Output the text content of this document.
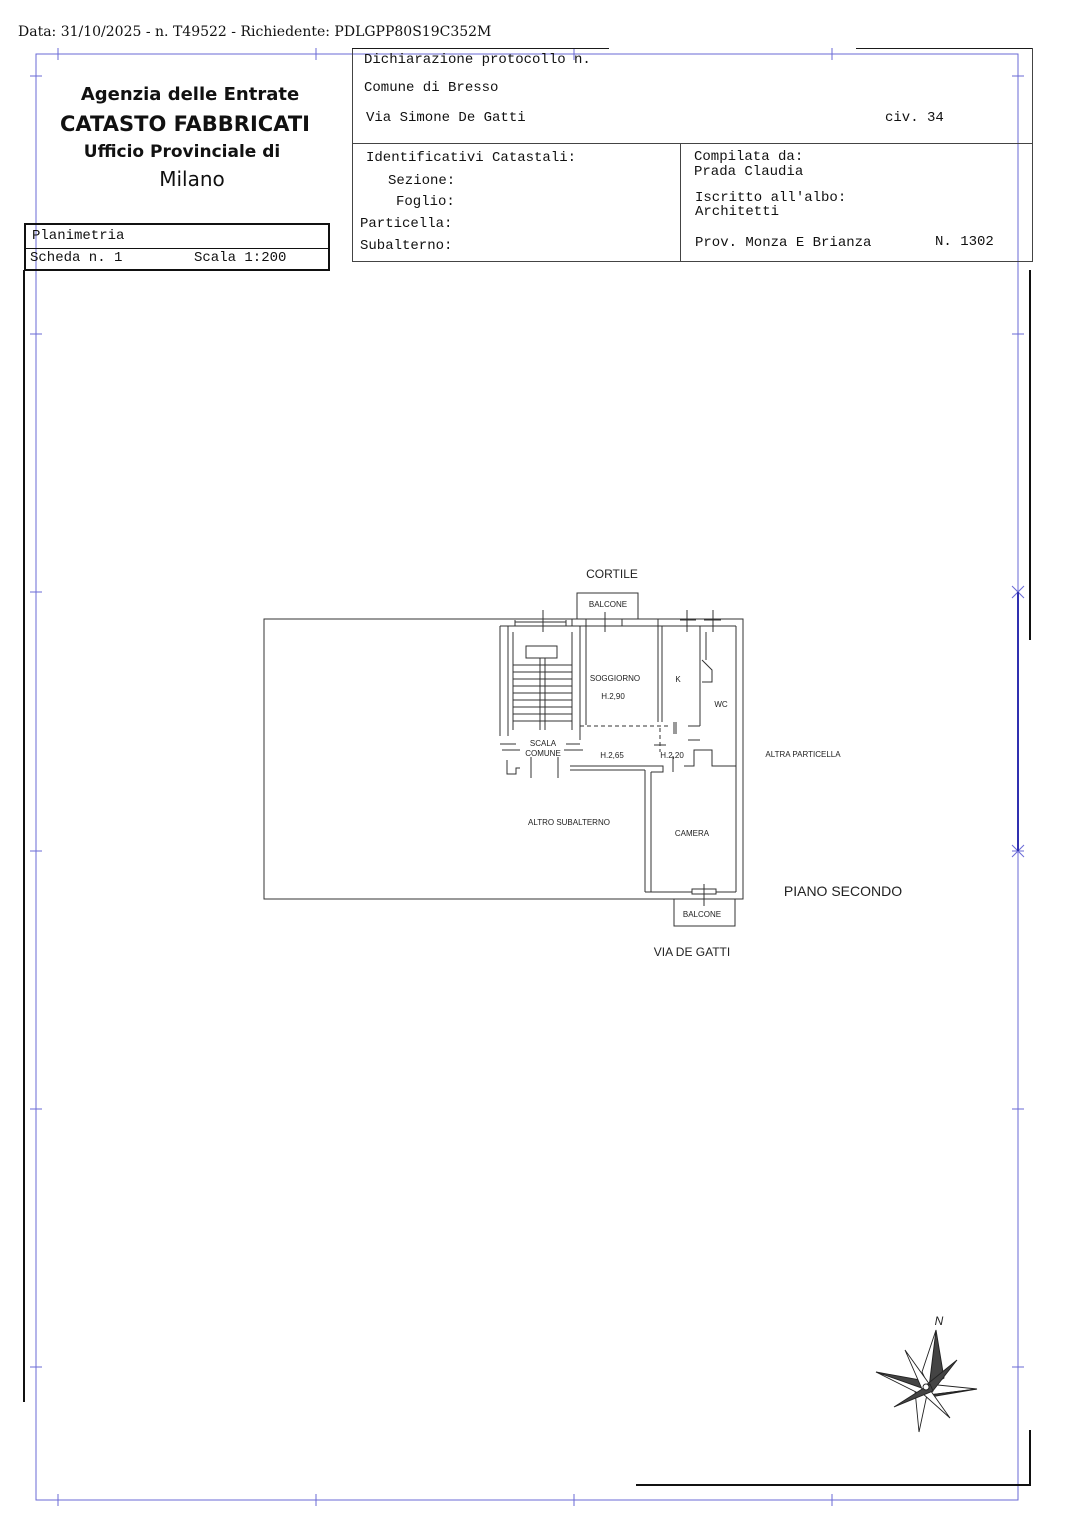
Data: 31/10/2025 - n. T49522 - Richiedente: PDLGPP80S19C352M
Agenzia delle Entrate
CATASTO FABBRICATI
Ufficio Provinciale di
Milano
Planimetria
Scheda n. 1	Scala 1:200
Dichiarazione protocollo n.
Comune di Bresso
Via Simone De Gatti	civ. 34
Identificativi Catastali:
Sezione:
Foglio:
Particella:
Subalterno:
Compilata da:
Prada Claudia
Iscritto all'albo:
Architetti
Prov. Monza E Brianza	N. 1302
CORTILE
BALCONE
SOGGIORNO
H.2,90
K
WC
SCALA
COMUNE	H.2,65	H.2,20	ALTRA PARTICELLA
ALTRO SUBALTERNO
CAMERA
PIANO SECONDO
BALCONE
VIA DE GATTI
N
